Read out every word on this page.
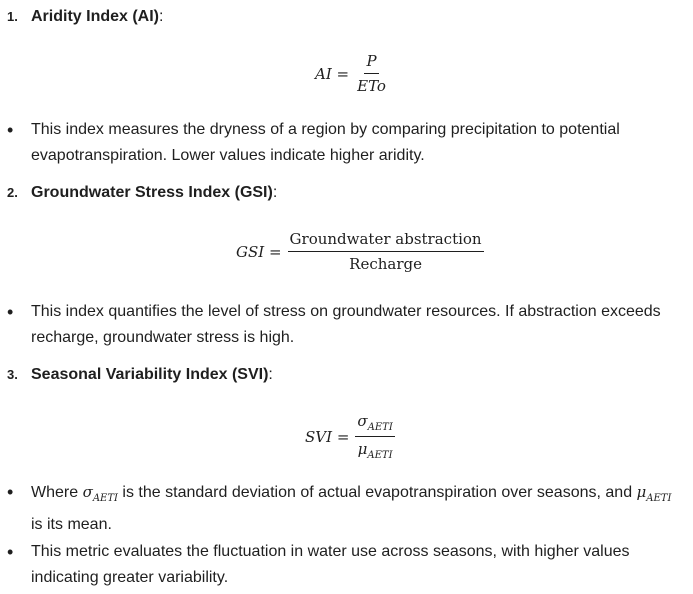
1. Aridity Index (AI):
AI = $\frac{P}{\text{ETo}}$
•	This index measures the dryness of a region by comparing precipitation to potential evapotranspiration. Lower values indicate higher aridity.
2. Groundwater Stress Index (GSI):
GSI = $\frac{\text{Groundwater abstraction}}{\text{Recharge}}$
•	This index quantifies the level of stress on groundwater resources. If abstraction exceeds recharge, groundwater stress is high.
3. Seasonal Variability Index (SVI):
SVI = $\frac{\sigma_{AETI}}{\mu_{AETI}}$
•	Where $\sigma_{AETI}$ is the standard deviation of actual evapotranspiration over seasons, and $\mu_{AETI}$ is its mean.
•	This metric evaluates the fluctuation in water use across seasons, with higher values indicating greater variability.
